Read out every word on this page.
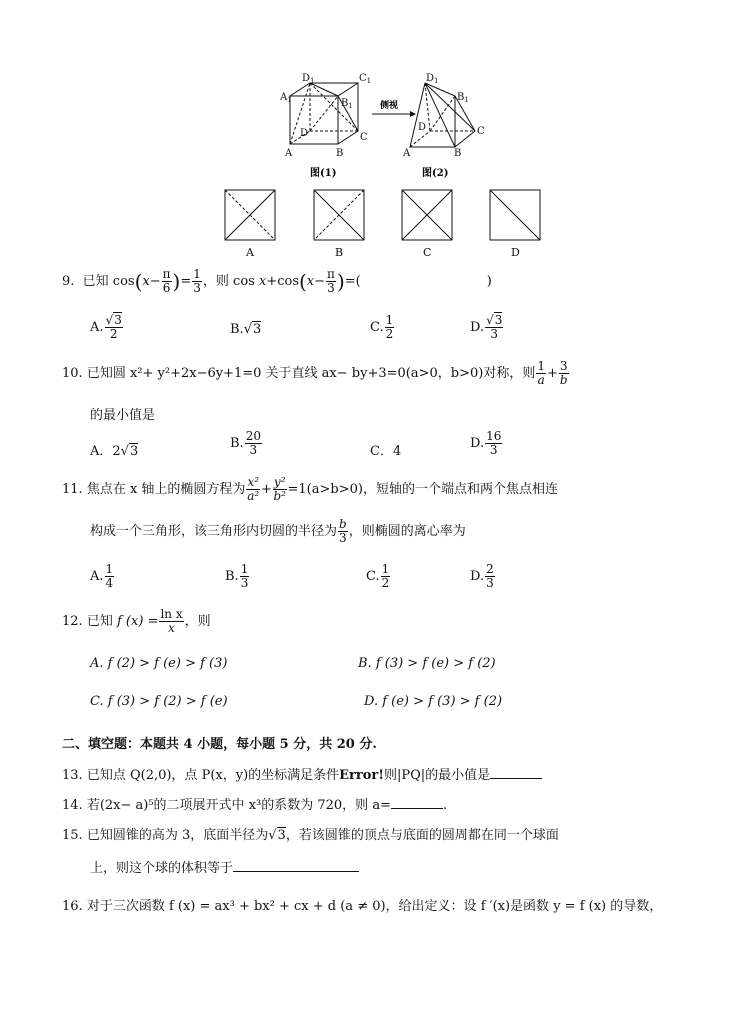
$D_1$	$C_1$
$A_1$	$B_1$
D	C
A	B
侧视
$D_1$
$B_1$
D	C
A	B
图(1)	图(2)
A	B	C	D
9. 已知 $\cos(x- \frac{\pi}{6}$ )= $\frac{1}{3}$ ，则 $\cos x+\cos(x- \frac{\pi}{3}$ )=(	)
A. $\frac{√3}{2}$	B.√3	C. $\frac{1}{2}$	D. $\frac{√3}{3}$
10. 已知圆 x²+ y²+2x−6y+1=0 关于直线 ax− by+3=0(a>0，b>0)对称，则 $\frac{1}{a} + \frac{3}{b}$
的最小值是
A．2√3
B. $\frac{20}{3}$	C．4
D. $\frac{16}{3}$
11. 焦点在 x 轴上的椭圆方程为 $\frac{\text{x²}}{\text{a²}} + \frac{\text{y²}}{\text{b²}} =1(a>b>0)$，短轴的一个端点和两个焦点相连
构成一个三角形，该三角形内切圆的半径为 $\frac{b}{3}$ ，则椭圆的离心率为
A. $\frac{1}{4}$	B. $\frac{1}{3}$	C. $\frac{1}{2}$	D. $\frac{2}{3}$
12. 已知 f $(x) = \frac{\text{ln x}}{x}$ ，则
A. f (2) > f (e) > f (3)	B. f (3) > f (e) > f (2)
C. f (3) > f (2) > f (e)	D. f (e) > f (3) > f (2)
二、填空题：本题共 4 小题，每小题 5 分，共 20 分.
13. 已知点 Q(2,0)，点 P(x，y)的坐标满足条件Error!则|PQ|的最小值是
14. 若(2x− a)⁵的二项展开式中 x³的系数为 720，则 a=	.
15. 已知圆锥的高为 3，底面半径为√3，若该圆锥的顶点与底面的圆周都在同一个球面
上，则这个球的体积等于
16. 对于三次函数 f (x) = ax³ + bx² + cx + d (a ≠ 0)，给出定义：设 f ′(x)是函数 y = f (x) 的导数，
